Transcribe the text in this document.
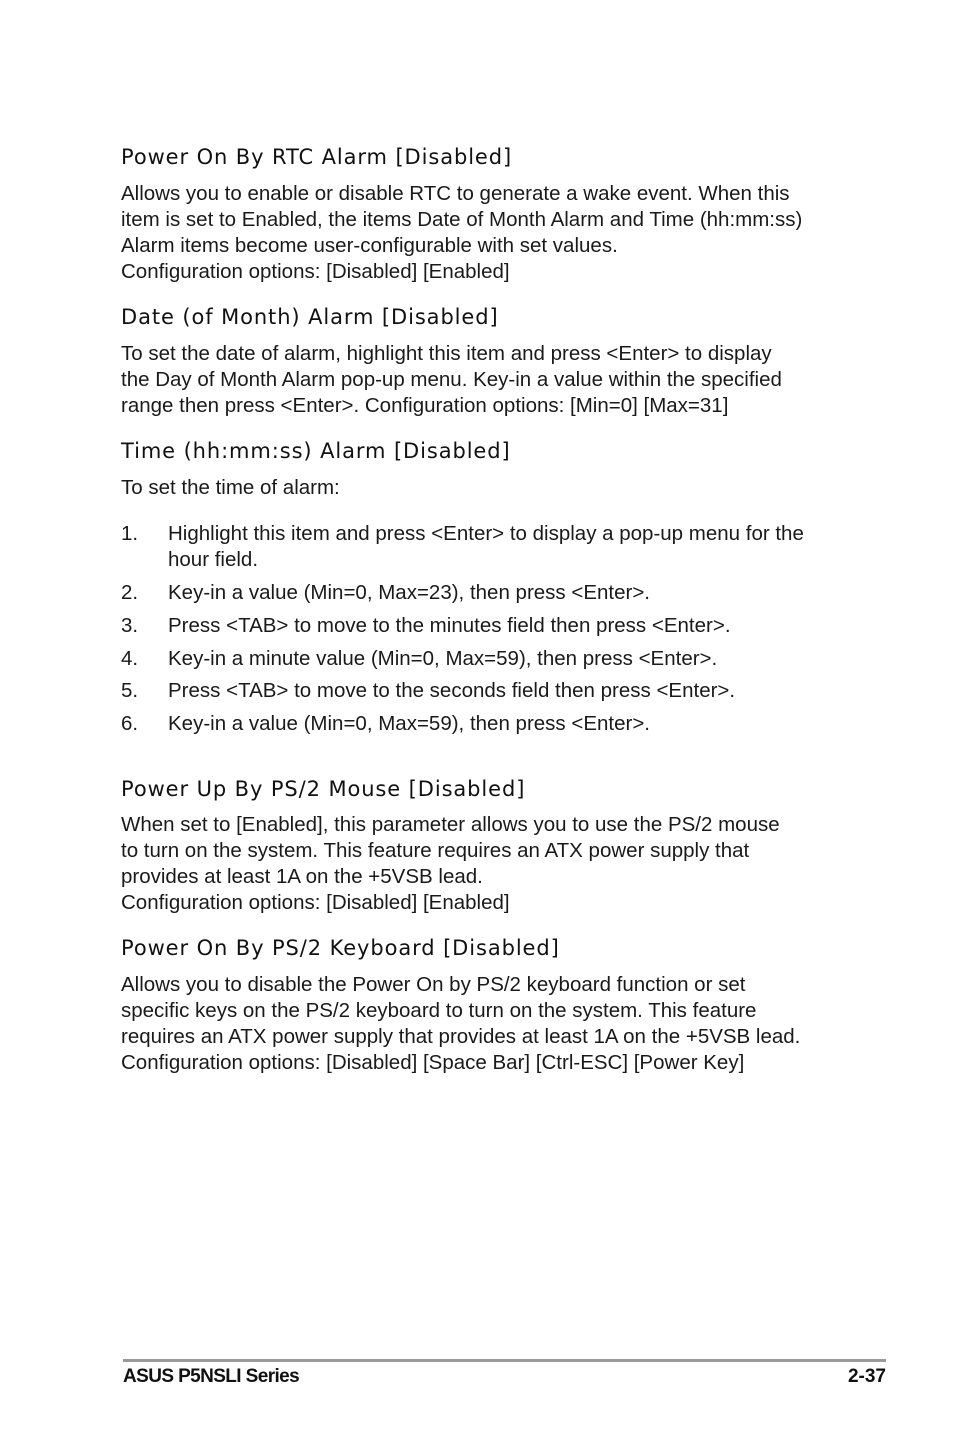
Power On By RTC Alarm [Disabled]

Allows you to enable or disable RTC to generate a wake event. When this
item is set to Enabled, the items Date of Month Alarm and Time (hh:mm:ss)
Alarm items become user-configurable with set values.
Configuration options: [Disabled] [Enabled]

Date (of Month) Alarm [Disabled]

To set the date of alarm, highlight this item and press <Enter> to display
the Day of Month Alarm pop-up menu. Key-in a value within the specified
range then press <Enter>. Configuration options: [Min=0] [Max=31]

Time (hh:mm:ss) Alarm [Disabled]

To set the time of alarm:

1. Highlight this item and press <Enter> to display a pop-up menu for the
hour field.
2. Key-in a value (Min=0, Max=23), then press <Enter>.
3. Press <TAB> to move to the minutes field then press <Enter>.
4. Key-in a minute value (Min=0, Max=59), then press <Enter>.
5. Press <TAB> to move to the seconds field then press <Enter>.
6. Key-in a value (Min=0, Max=59), then press <Enter>.
Power Up By PS/2 Mouse [Disabled]

When set to [Enabled], this parameter allows you to use the PS/2 mouse
to turn on the system. This feature requires an ATX power supply that
provides at least 1A on the +5VSB lead.
Configuration options: [Disabled] [Enabled]

Power On By PS/2 Keyboard [Disabled]

Allows you to disable the Power On by PS/2 keyboard function or set
specific keys on the PS/2 keyboard to turn on the system. This feature
requires an ATX power supply that provides at least 1A on the +5VSB lead.
Configuration options: [Disabled] [Space Bar] [Ctrl-ESC] [Power Key]

ASUS P5NSLI Series	2-37
